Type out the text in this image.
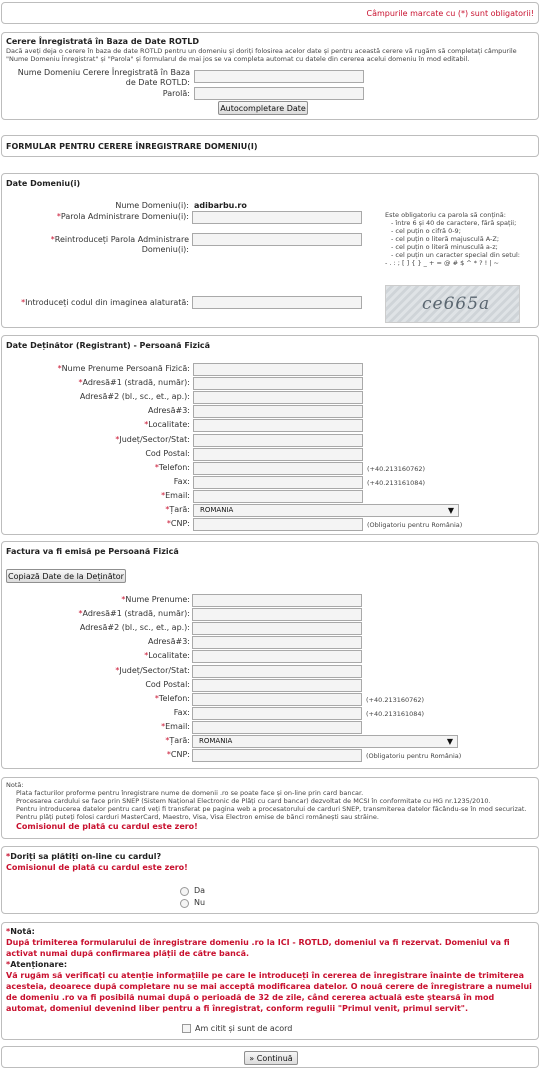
Câmpurile marcate cu (*) sunt obligatorii!
Cerere Înregistrată în Baza de Date ROTLD
Dacă aveți deja o cerere în baza de date ROTLD pentru un domeniu și doriți folosirea acelor date și pentru această cerere vă rugăm să completați câmpurile "Nume Domeniu Înregistrat" și "Parola" și formularul de mai jos se va completa automat cu datele din cererea acelui domeniu în mod editabil.
Nume Domeniu Cerere Înregistrată în Baza
de Date ROTLD:
Parolă:
Autocompletare Date
FORMULAR PENTRU CERERE ÎNREGISTRARE DOMENIU(I)
Date Domeniu(i)
Nume Domeniu(i): adibarbu.ro
*Parola Administrare Domeniu(i):
*Reintroduceți Parola Administrare
Domeniu(i):
*Introduceți codul din imaginea alaturată:
Este obligatoriu ca parola să conțină:
- între 6 și 40 de caractere, fără spații;
- cel puțin o cifră 0-9;
- cel puțin o literă majusculă A-Z;
- cel puțin o literă minusculă a-z;
- cel puțin un caracter special din setul:
- . : ; [ ] { } _ + = @ # $ ^ * ? ! | ~
ce665a
Date Deținător (Registrant) - Persoană Fizică
*Nume Prenume Persoană Fizică:
*Adresă#1 (stradă, număr):
Adresă#2 (bl., sc., et., ap.):
Adresă#3:
*Localitate:
*Județ/Sector/Stat:
Cod Postal:
*Telefon:	(+40.213160762)
Fax:	(+40.213161084)
*Email:
*Țară:	ROMANIA	▼
*CNP:	(Obligatoriu pentru România)
Factura va fi emisă pe Persoană Fizică
Copiază Date de la Deținător
*Nume Prenume:
*Adresă#1 (stradă, număr):
Adresă#2 (bl., sc., et., ap.):
Adresă#3:
*Localitate:
*Județ/Sector/Stat:
Cod Postal:
*Telefon:	(+40.213160762)
Fax:	(+40.213161084)
*Email:
*Țară:	ROMANIA	▼
*CNP:	(Obligatoriu pentru România)
Notă:
Plata facturilor proforme pentru înregistrare nume de domenii .ro se poate face și on-line prin card bancar.
Procesarea cardului se face prin SNEP (Sistem Național Electronic de Plăți cu card bancar) dezvoltat de MCSI în conformitate cu HG nr.1235/2010.
Pentru introducerea datelor pentru card veți fi transferat pe pagina web a procesatorului de carduri SNEP, transmiterea datelor făcându-se în mod securizat.
Pentru plăți puteți folosi carduri MasterCard, Maestro, Visa, Visa Electron emise de bănci românești sau străine.
Comisionul de plată cu cardul este zero!
*Doriți sa plătiți on-line cu cardul?
Comisionul de plată cu cardul este zero!
Da
Nu
*Notă:
După trimiterea formularului de înregistrare domeniu .ro la ICI - ROTLD, domeniul va fi rezervat. Domeniul va fi activat numai după confirmarea plății de către bancă.
*Atenționare:
Vă rugăm să verificați cu atenție informațiile pe care le introduceți în cererea de înregistrare înainte de trimiterea acesteia, deoarece după completare nu se mai acceptă modificarea datelor. O nouă cerere de înregistrare a numelui de domeniu .ro va fi posibilă numai după o perioadă de 32 de zile, când cererea actuală este ștearsă în mod automat, domeniul devenind liber pentru a fi înregistrat, conform regulii "Primul venit, primul servit".
Am citit și sunt de acord
» Continuă
